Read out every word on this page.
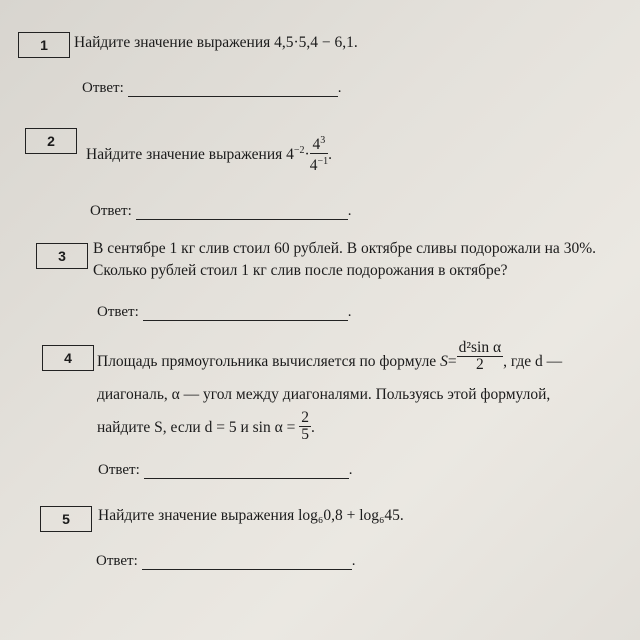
1	Найдите значение выражения 4,5·5,4 − 6,1.
Ответ:	.
2
Найдите значение выражения $4^{-2}\cdot \frac{4^3}{4^{-1}}$ .
Ответ:	.
3	В сентябре 1 кг слив стоил 60 рублей. В октябре сливы подорожали на 30%.
Сколько рублей стоил 1 кг слив после подорожания в октябре?
Ответ:	.
4	Площадь прямоугольника вычисляется по формуле $S= \frac{\text{d²sin α}}{2}$ , где d —
диагональ, α — угол между диагоналями. Пользуясь этой формулой,
найдите S, если d = 5 и $\sin \alpha = \frac{2}{5}$ .
Ответ:	.
5	Найдите значение выражения log₆0,8 + log₆45.
Ответ:	.
